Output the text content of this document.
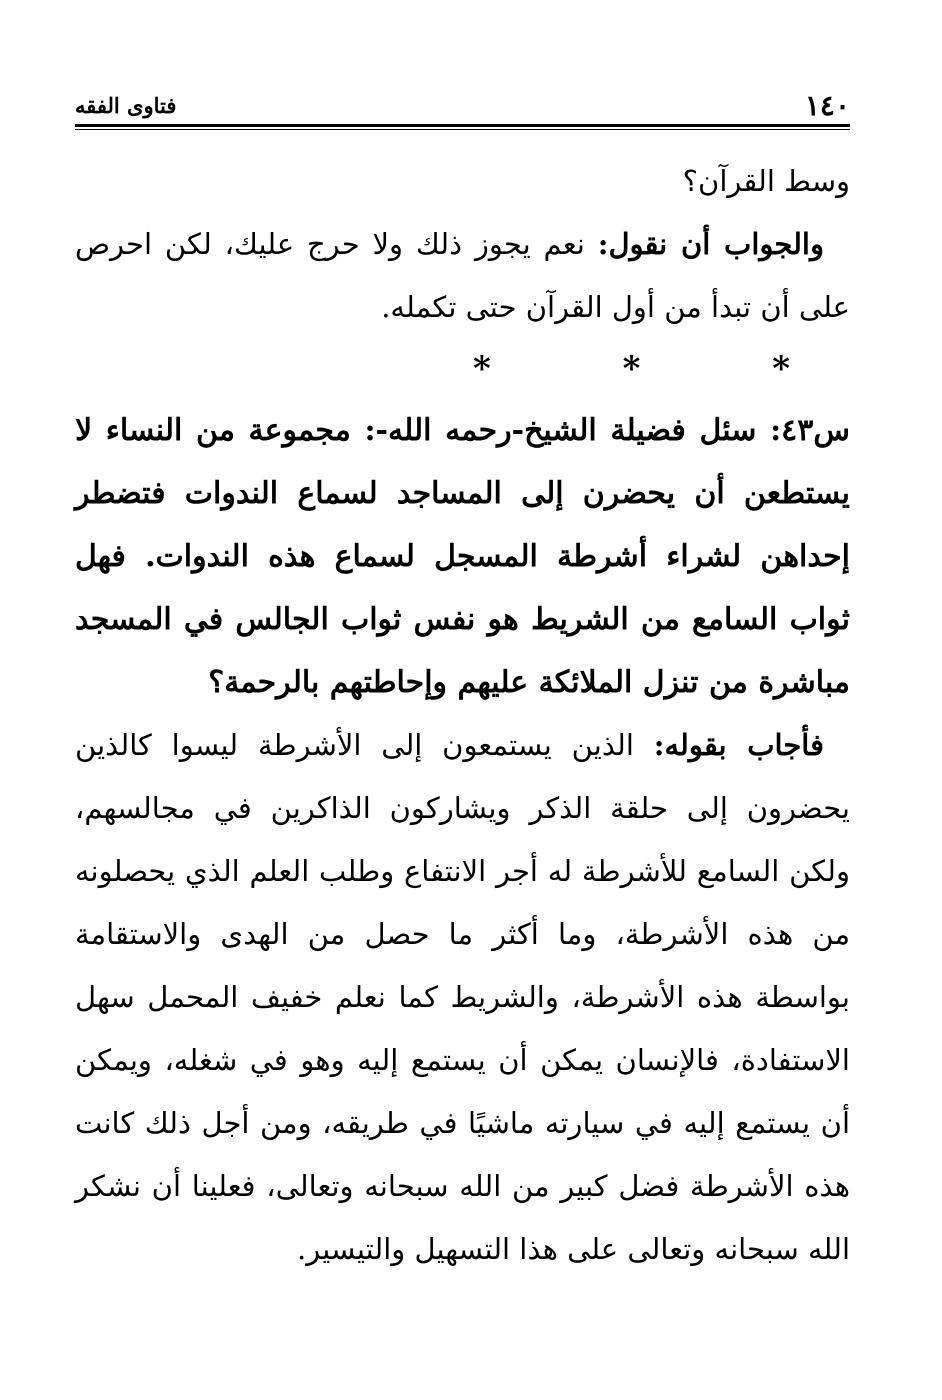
فتاوى الفقه	١٤٠

وسط القرآن؟

والجواب أن نقول: نعم يجوز ذلك ولا حرج عليك، لكن احرص على أن تبدأ من أول القرآن حتى تكمله.

* * *

س٤٣: سئل فضيلة الشيخ-رحمه الله-: مجموعة من النساء لا يستطعن أن يحضرن إلى المساجد لسماع الندوات فتضطر إحداهن لشراء أشرطة المسجل لسماع هذه الندوات. فهل ثواب السامع من الشريط هو نفس ثواب الجالس في المسجد مباشرة من تنزل الملائكة عليهم وإحاطتهم بالرحمة؟

فأجاب بقوله: الذين يستمعون إلى الأشرطة ليسوا كالذين يحضرون إلى حلقة الذكر ويشاركون الذاكرين في مجالسهم، ولكن السامع للأشرطة له أجر الانتفاع وطلب العلم الذي يحصلونه من هذه الأشرطة، وما أكثر ما حصل من الهدى والاستقامة بواسطة هذه الأشرطة، والشريط كما نعلم خفيف المحمل سهل الاستفادة، فالإنسان يمكن أن يستمع إليه وهو في شغله، ويمكن أن يستمع إليه في سيارته ماشيًا في طريقه، ومن أجل ذلك كانت هذه الأشرطة فضل كبير من الله سبحانه وتعالى، فعلينا أن نشكر الله سبحانه وتعالى على هذا التسهيل والتيسير.
